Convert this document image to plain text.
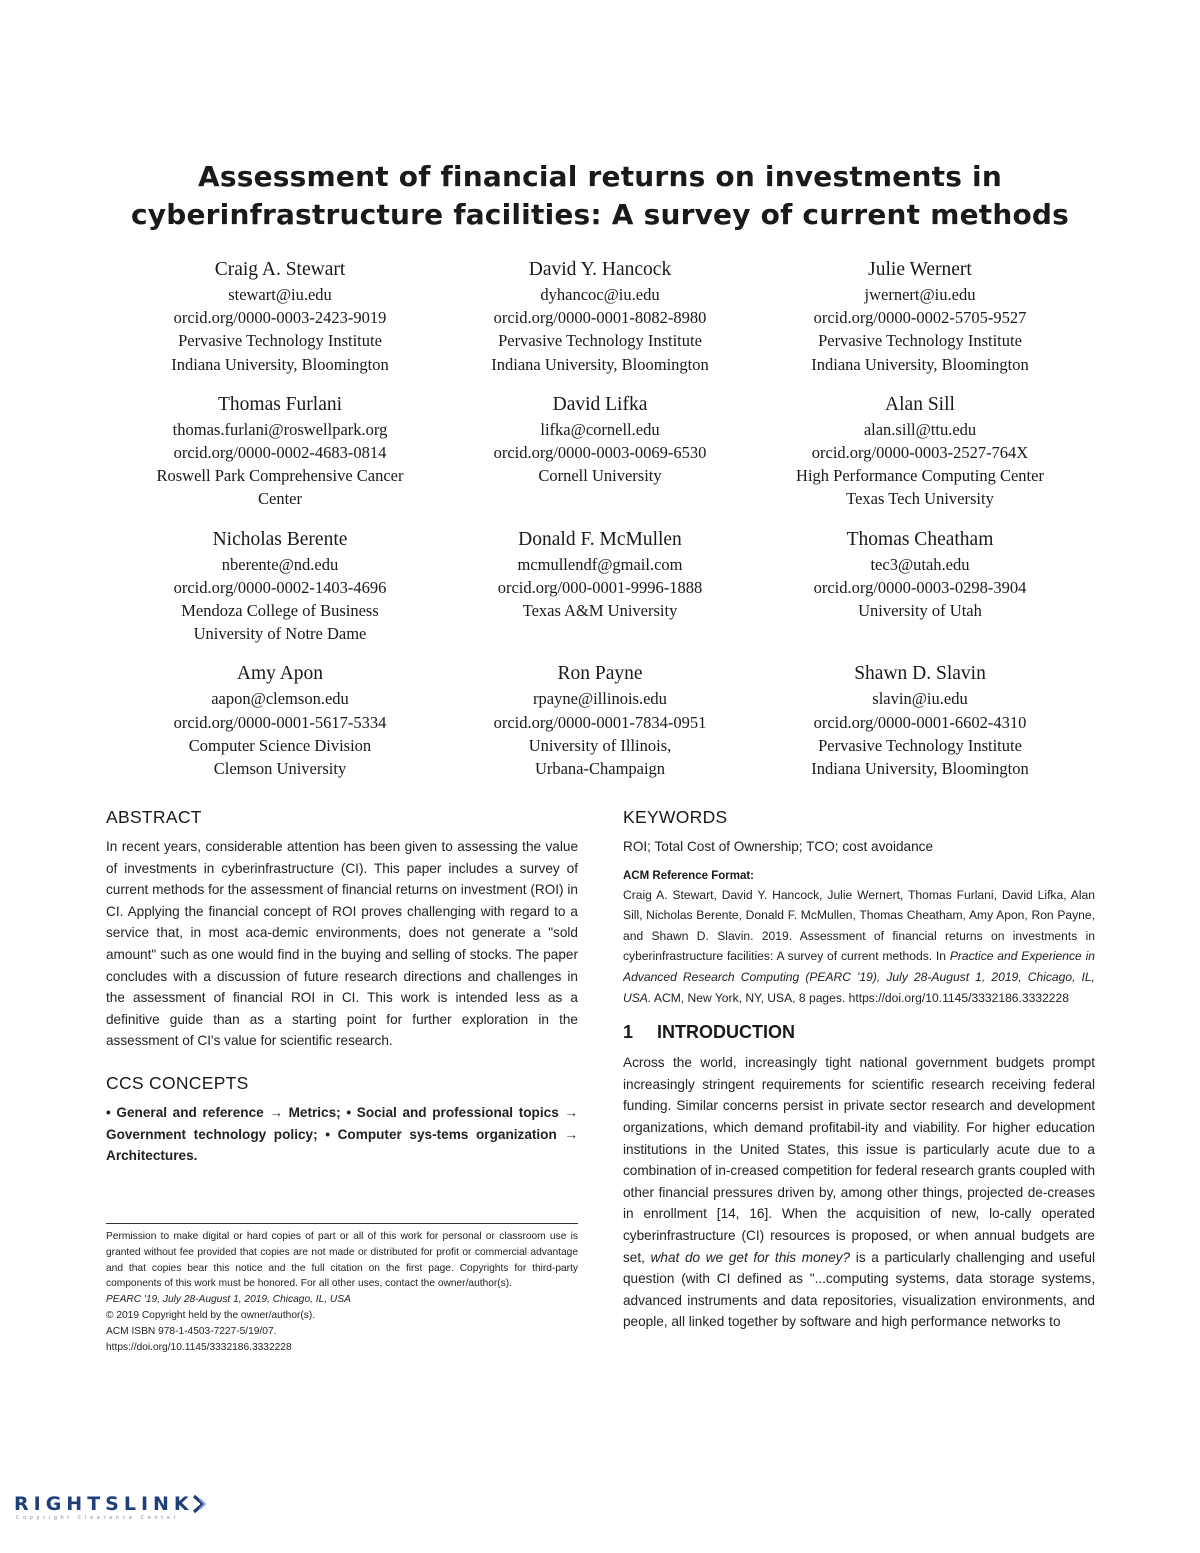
Assessment of financial returns on investments in
cyberinfrastructure facilities: A survey of current methods
Craig A. Stewart
stewart@iu.edu
orcid.org/0000-0003-2423-9019
Pervasive Technology Institute
Indiana University, Bloomington
David Y. Hancock
dyhancoc@iu.edu
orcid.org/0000-0001-8082-8980
Pervasive Technology Institute
Indiana University, Bloomington
Julie Wernert
jwernert@iu.edu
orcid.org/0000-0002-5705-9527
Pervasive Technology Institute
Indiana University, Bloomington
Thomas Furlani
thomas.furlani@roswellpark.org
orcid.org/0000-0002-4683-0814
Roswell Park Comprehensive Cancer
Center
David Lifka
lifka@cornell.edu
orcid.org/0000-0003-0069-6530
Cornell University
Alan Sill
alan.sill@ttu.edu
orcid.org/0000-0003-2527-764X
High Performance Computing Center
Texas Tech University
Nicholas Berente
nberente@nd.edu
orcid.org/0000-0002-1403-4696
Mendoza College of Business
University of Notre Dame
Donald F. McMullen
mcmullendf@gmail.com
orcid.org/000-0001-9996-1888
Texas A&M University
Thomas Cheatham
tec3@utah.edu
orcid.org/0000-0003-0298-3904
University of Utah
Amy Apon
aapon@clemson.edu
orcid.org/0000-0001-5617-5334
Computer Science Division
Clemson University
Ron Payne
rpayne@illinois.edu
orcid.org/0000-0001-7834-0951
University of Illinois,
Urbana-Champaign
Shawn D. Slavin
slavin@iu.edu
orcid.org/0000-0001-6602-4310
Pervasive Technology Institute
Indiana University, Bloomington
ABSTRACT

In recent years, considerable attention has been given to assessing the value of investments in cyberinfrastructure (CI). This paper includes a survey of current methods for the assessment of financial returns on investment (ROI) in CI. Applying the financial concept of ROI proves challenging with regard to a service that, in most aca-demic environments, does not generate a "sold amount" such as one would find in the buying and selling of stocks. The paper concludes with a discussion of future research directions and challenges in the assessment of financial ROI in CI. This work is intended less as a definitive guide than as a starting point for further exploration in the assessment of CI's value for scientific research.

CCS CONCEPTS

• General and reference → Metrics; • Social and professional topics → Government technology policy; • Computer sys-tems organization → Architectures.

Permission to make digital or hard copies of part or all of this work for personal or classroom use is granted without fee provided that copies are not made or distributed for profit or commercial advantage and that copies bear this notice and the full citation on the first page. Copyrights for third-party components of this work must be honored. For all other uses, contact the owner/author(s).
PEARC '19, July 28-August 1, 2019, Chicago, IL, USA
© 2019 Copyright held by the owner/author(s).
ACM ISBN 978-1-4503-7227-5/19/07.
https://doi.org/10.1145/3332186.3332228
KEYWORDS

ROI; Total Cost of Ownership; TCO; cost avoidance

ACM Reference Format:

Craig A. Stewart, David Y. Hancock, Julie Wernert, Thomas Furlani, David Lifka, Alan Sill, Nicholas Berente, Donald F. McMullen, Thomas Cheatham, Amy Apon, Ron Payne, and Shawn D. Slavin. 2019. Assessment of financial returns on investments in cyberinfrastructure facilities: A survey of current methods. In Practice and Experience in Advanced Research Computing (PEARC '19), July 28-August 1, 2019, Chicago, IL, USA. ACM, New York, NY, USA, 8 pages. https://doi.org/10.1145/3332186.3332228

1 INTRODUCTION

Across the world, increasingly tight national government budgets prompt increasingly stringent requirements for scientific research receiving federal funding. Similar concerns persist in private sector research and development organizations, which demand profitabil-ity and viability. For higher education institutions in the United States, this issue is particularly acute due to a combination of in-creased competition for federal research grants coupled with other financial pressures driven by, among other things, projected de-creases in enrollment [14, 16]. When the acquisition of new, lo-cally operated cyberinfrastructure (CI) resources is proposed, or when annual budgets are set, what do we get for this money? is a particularly challenging and useful question (with CI defined as "...computing systems, data storage systems, advanced instruments and data repositories, visualization environments, and people, all linked together by software and high performance networks to

RIGHTSLINK
Copyright Clearance Center
